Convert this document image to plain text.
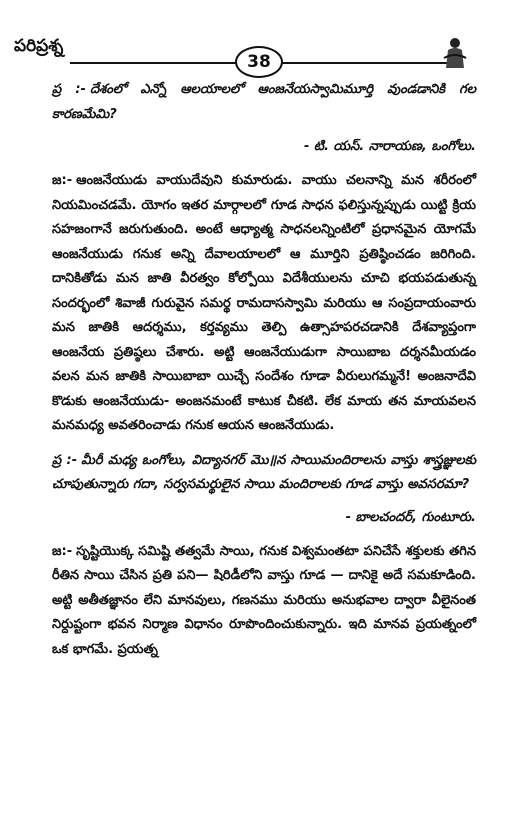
పరిప్రశ్న
38

ప్ర :- దేశంలో ఎన్నో ఆలయాలలో ఆంజనేయస్వామిమూర్తి వుండడానికి గల కారణమేమి?

- టి. యస్. నారాయణ, ఒంగోలు.

జ:- ఆంజనేయుడు వాయుదేవుని కుమారుడు. వాయు చలనాన్ని మన శరీరంలో నియమించడమే. యోగం ఇతర మార్గాలలో గూడ సాధన ఫలిస్తున్నప్పుడు యిట్టి క్రియ సహజంగానే జరుగుతుంది. అంటే ఆధ్యాత్మ సాధనలన్నింటిలో ప్రధానమైన యోగమే ఆంజనేయుడు గనుక అన్ని దేవాలయాలలో ఆ మూర్తిని ప్రతిష్ఠించడం జరిగింది. దానికితోడు మన జాతి వీరత్వం కోల్పోయి విదేశీయులను చూచి భయపడుతున్న సందర్భంలో శివాజీ గురువైన సమర్థ రామదాసస్వామి మరియు ఆ సంప్రదాయంవారు మన జాతికి ఆదర్శము, కర్తవ్యము తెల్పి ఉత్సాహపరచడానికి దేశవ్యాప్తంగా ఆంజనేయ ప్రతిష్ఠలు చేశారు. అట్టి ఆంజనేయుడుగా సాయిబాబ దర్శనమీయడం వలన మన జాతికి సాయిబాబా యిచ్చే సందేశం గూడా వీరులుగమ్మనే! అంజనాదేవి కొడుకు ఆంజనేయుడు- అంజనమంటే కాటుక చీకటి. లేక మాయ తన మాయవలన మనమధ్య అవతరించాడు గనుక ఆయన ఆంజనేయుడు.

ప్ర :- మీరీ మధ్య ఒంగోలు, విద్యానగర్ మొ॥న సాయిమందిరాలను వాస్తు శాస్త్రజ్ఞులకు చూపుతున్నారు గదా, సర్వసమర్థులైన సాయి మందిరాలకు గూడ వాస్తు అవసరమా?

- బాలచందర్, గుంటూరు.

జ:- సృష్టియొక్క సమిష్టి తత్వమే సాయి, గనుక విశ్వమంతటా పనిచేసే శక్తులకు తగిన రీతిన సాయి చేసిన ప్రతి పని— షిరిడీలోని వాస్తు గూడ — దానికై అదే సమకూడింది. అట్టి అతీతజ్ఞానం లేని మానవులు, గణనము మరియు అనుభవాల ద్వారా వీలైనంత నిర్దుష్టంగా భవన నిర్మాణ విధానం రూపొందించుకున్నారు. ఇది మానవ ప్రయత్నంలో ఒక భాగమే. ప్రయత్న
